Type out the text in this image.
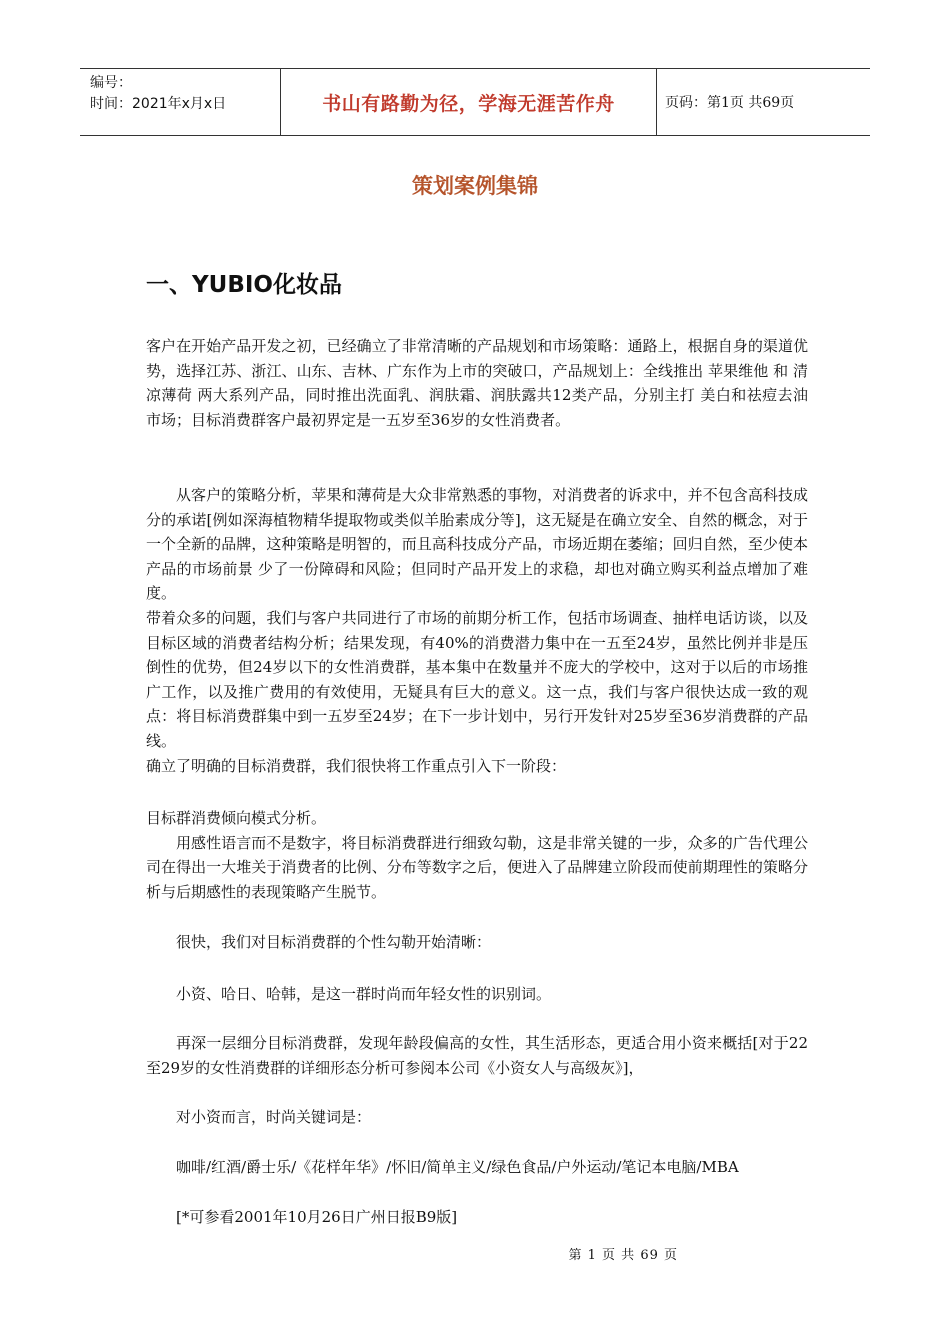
编号：
时间：2021年x月x日	书山有路勤为径，学海无涯苦作舟	页码：第1页 共69页
策划案例集锦
一、YUBIO化妆品

客户在开始产品开发之初，已经确立了非常清晰的产品规划和市场策略：通路上，根据自身的渠道优势，选择江苏、浙江、山东、吉林、广东作为上市的突破口，产品规划上：全线推出 苹果维他 和 清凉薄荷 两大系列产品，同时推出洗面乳、润肤霜、润肤露共12类产品，分别主打 美白和祛痘去油 市场；目标消费群客户最初界定是一五岁至36岁的女性消费者。

从客户的策略分析，苹果和薄荷是大众非常熟悉的事物，对消费者的诉求中，并不包含高科技成分的承诺[例如深海植物精华提取物或类似羊胎素成分等]，这无疑是在确立安全、自然的概念，对于一个全新的品牌，这种策略是明智的，而且高科技成分产品，市场近期在萎缩；回归自然，至少使本产品的市场前景 少了一份障碍和风险；但同时产品开发上的求稳，却也对确立购买利益点增加了难度。

带着众多的问题，我们与客户共同进行了市场的前期分析工作，包括市场调查、抽样电话访谈，以及目标区域的消费者结构分析；结果发现，有40%的消费潜力集中在一五至24岁，虽然比例并非是压倒性的优势，但24岁以下的女性消费群，基本集中在数量并不庞大的学校中，这对于以后的市场推广工作，以及推广费用的有效使用，无疑具有巨大的意义。这一点，我们与客户很快达成一致的观点：将目标消费群集中到一五岁至24岁；在下一步计划中，另行开发针对25岁至36岁消费群的产品线。

确立了明确的目标消费群，我们很快将工作重点引入下一阶段：

目标群消费倾向模式分析。

用感性语言而不是数字，将目标消费群进行细致勾勒，这是非常关键的一步，众多的广告代理公司在得出一大堆关于消费者的比例、分布等数字之后，便进入了品牌建立阶段而使前期理性的策略分析与后期感性的表现策略产生脱节。

很快，我们对目标消费群的个性勾勒开始清晰：

小资、哈日、哈韩，是这一群时尚而年轻女性的识别词。

再深一层细分目标消费群，发现年龄段偏高的女性，其生活形态，更适合用小资来概括[对于22至29岁的女性消费群的详细形态分析可参阅本公司《小资女人与高级灰》]，

对小资而言，时尚关键词是：

咖啡/红酒/爵士乐/《花样年华》/怀旧/简单主义/绿色食品/户外运动/笔记本电脑/MBA

[*可参看2001年10月26日广州日报B9版]

第 1 页 共 69 页
